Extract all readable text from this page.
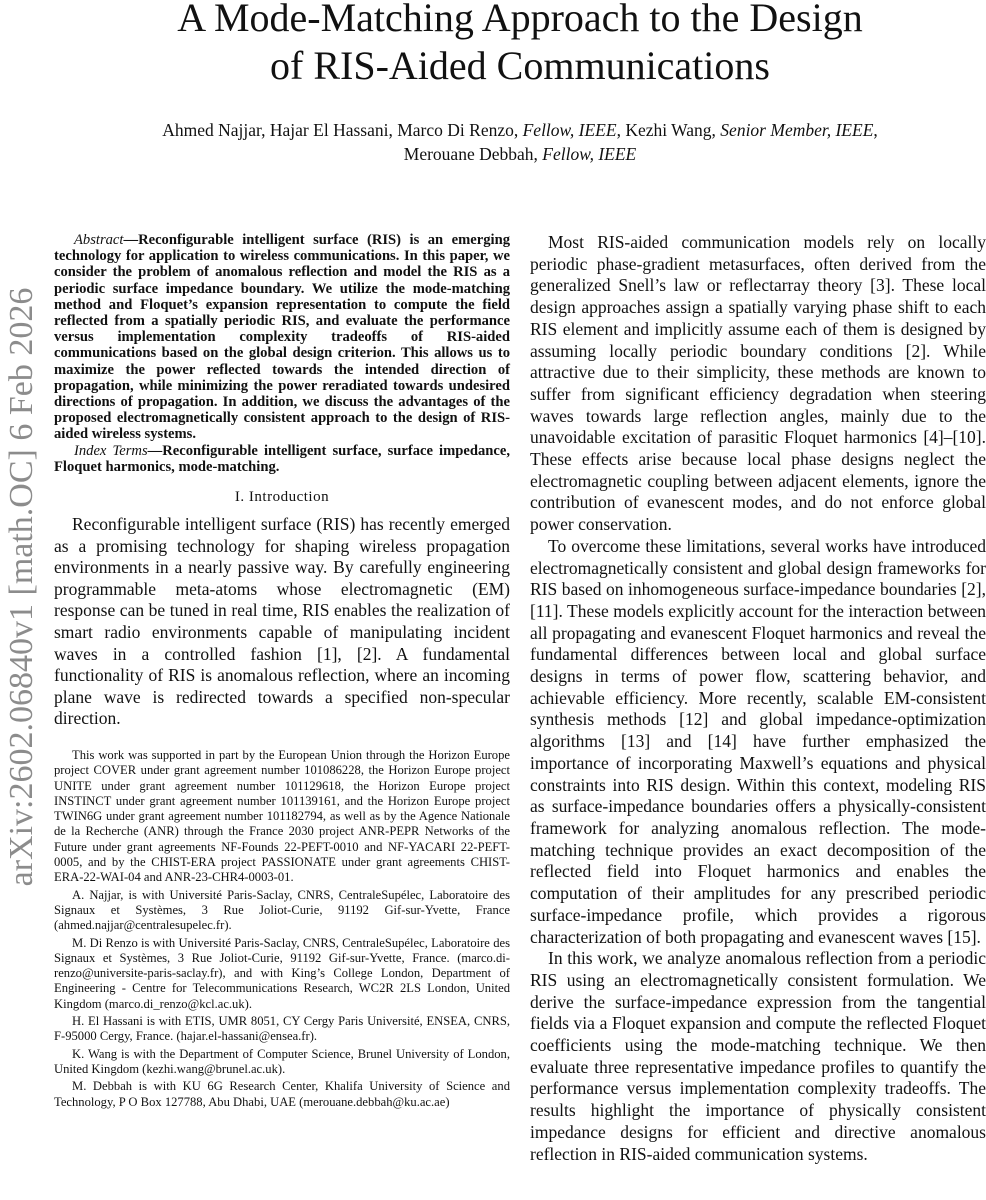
arXiv:2602.06840v1 [math.OC] 6 Feb 2026
A Mode-Matching Approach to the Design
of RIS-Aided Communications
Ahmed Najjar, Hajar El Hassani, Marco Di Renzo, Fellow, IEEE, Kezhi Wang, Senior Member, IEEE,
Merouane Debbah, Fellow, IEEE

Abstract—Reconfigurable intelligent surface (RIS) is an emerging technology for application to wireless communications. In this paper, we consider the problem of anomalous reflection and model the RIS as a periodic surface impedance boundary. We utilize the mode-matching method and Floquet’s expansion representation to compute the field reflected from a spatially periodic RIS, and evaluate the performance versus implementation complexity tradeoffs of RIS-aided communications based on the global design criterion. This allows us to maximize the power reflected towards the intended direction of propagation, while minimizing the power reradiated towards undesired directions of propagation. In addition, we discuss the advantages of the proposed electromagnetically consistent approach to the design of RIS-aided wireless systems.

Index Terms—Reconfigurable intelligent surface, surface impedance, Floquet harmonics, mode-matching.

I. Introduction

Reconfigurable intelligent surface (RIS) has recently emerged as a promising technology for shaping wireless propagation environments in a nearly passive way. By carefully engineering programmable meta-atoms whose electromagnetic (EM) response can be tuned in real time, RIS enables the realization of smart radio environments capable of manipulating incident waves in a controlled fashion [1], [2]. A fundamental functionality of RIS is anomalous reflection, where an incoming plane wave is redirected towards a specified non-specular direction.

This work was supported in part by the European Union through the Horizon Europe project COVER under grant agreement number 101086228, the Horizon Europe project UNITE under grant agreement number 101129618, the Horizon Europe project INSTINCT under grant agreement number 101139161, and the Horizon Europe project TWIN6G under grant agreement number 101182794, as well as by the Agence Nationale de la Recherche (ANR) through the France 2030 project ANR-PEPR Networks of the Future under grant agreements NF-Founds 22-PEFT-0010 and NF-YACARI 22-PEFT-0005, and by the CHIST-ERA project PASSIONATE under grant agreements CHIST-ERA-22-WAI-04 and ANR-23-CHR4-0003-01.

A. Najjar, is with Université Paris-Saclay, CNRS, CentraleSupélec, Laboratoire des Signaux et Systèmes, 3 Rue Joliot-Curie, 91192 Gif-sur-Yvette, France (ahmed.najjar@centralesupelec.fr).

M. Di Renzo is with Université Paris-Saclay, CNRS, CentraleSupélec, Laboratoire des Signaux et Systèmes, 3 Rue Joliot-Curie, 91192 Gif-sur-Yvette, France. (marco.di-renzo@universite-paris-saclay.fr), and with King’s College London, Department of Engineering - Centre for Telecommunications Research, WC2R 2LS London, United Kingdom (marco.di_renzo@kcl.ac.uk).

H. El Hassani is with ETIS, UMR 8051, CY Cergy Paris Université, ENSEA, CNRS, F-95000 Cergy, France. (hajar.el-hassani@ensea.fr).

K. Wang is with the Department of Computer Science, Brunel University of London, United Kingdom (kezhi.wang@brunel.ac.uk).

M. Debbah is with KU 6G Research Center, Khalifa University of Science and Technology, P O Box 127788, Abu Dhabi, UAE (merouane.debbah@ku.ac.ae)

Most RIS-aided communication models rely on locally periodic phase-gradient metasurfaces, often derived from the generalized Snell’s law or reflectarray theory [3]. These local design approaches assign a spatially varying phase shift to each RIS element and implicitly assume each of them is designed by assuming locally periodic boundary conditions [2]. While attractive due to their simplicity, these methods are known to suffer from significant efficiency degradation when steering waves towards large reflection angles, mainly due to the unavoidable excitation of parasitic Floquet harmonics [4]–[10]. These effects arise because local phase designs neglect the electromagnetic coupling between adjacent elements, ignore the contribution of evanescent modes, and do not enforce global power conservation.

To overcome these limitations, several works have introduced electromagnetically consistent and global design frameworks for RIS based on inhomogeneous surface-impedance boundaries [2], [11]. These models explicitly account for the interaction between all propagating and evanescent Floquet harmonics and reveal the fundamental differences between local and global surface designs in terms of power flow, scattering behavior, and achievable efficiency. More recently, scalable EM-consistent synthesis methods [12] and global impedance-optimization algorithms [13] and [14] have further emphasized the importance of incorporating Maxwell’s equations and physical constraints into RIS design. Within this context, modeling RIS as surface-impedance boundaries offers a physically-consistent framework for analyzing anomalous reflection. The mode-matching technique provides an exact decomposition of the reflected field into Floquet harmonics and enables the computation of their amplitudes for any prescribed periodic surface-impedance profile, which provides a rigorous characterization of both propagating and evanescent waves [15].

In this work, we analyze anomalous reflection from a periodic RIS using an electromagnetically consistent formulation. We derive the surface-impedance expression from the tangential fields via a Floquet expansion and compute the reflected Floquet coefficients using the mode-matching technique. We then evaluate three representative impedance profiles to quantify the performance versus implementation complexity tradeoffs. The results highlight the importance of physically consistent impedance designs for efficient and directive anomalous reflection in RIS-aided communication systems.
